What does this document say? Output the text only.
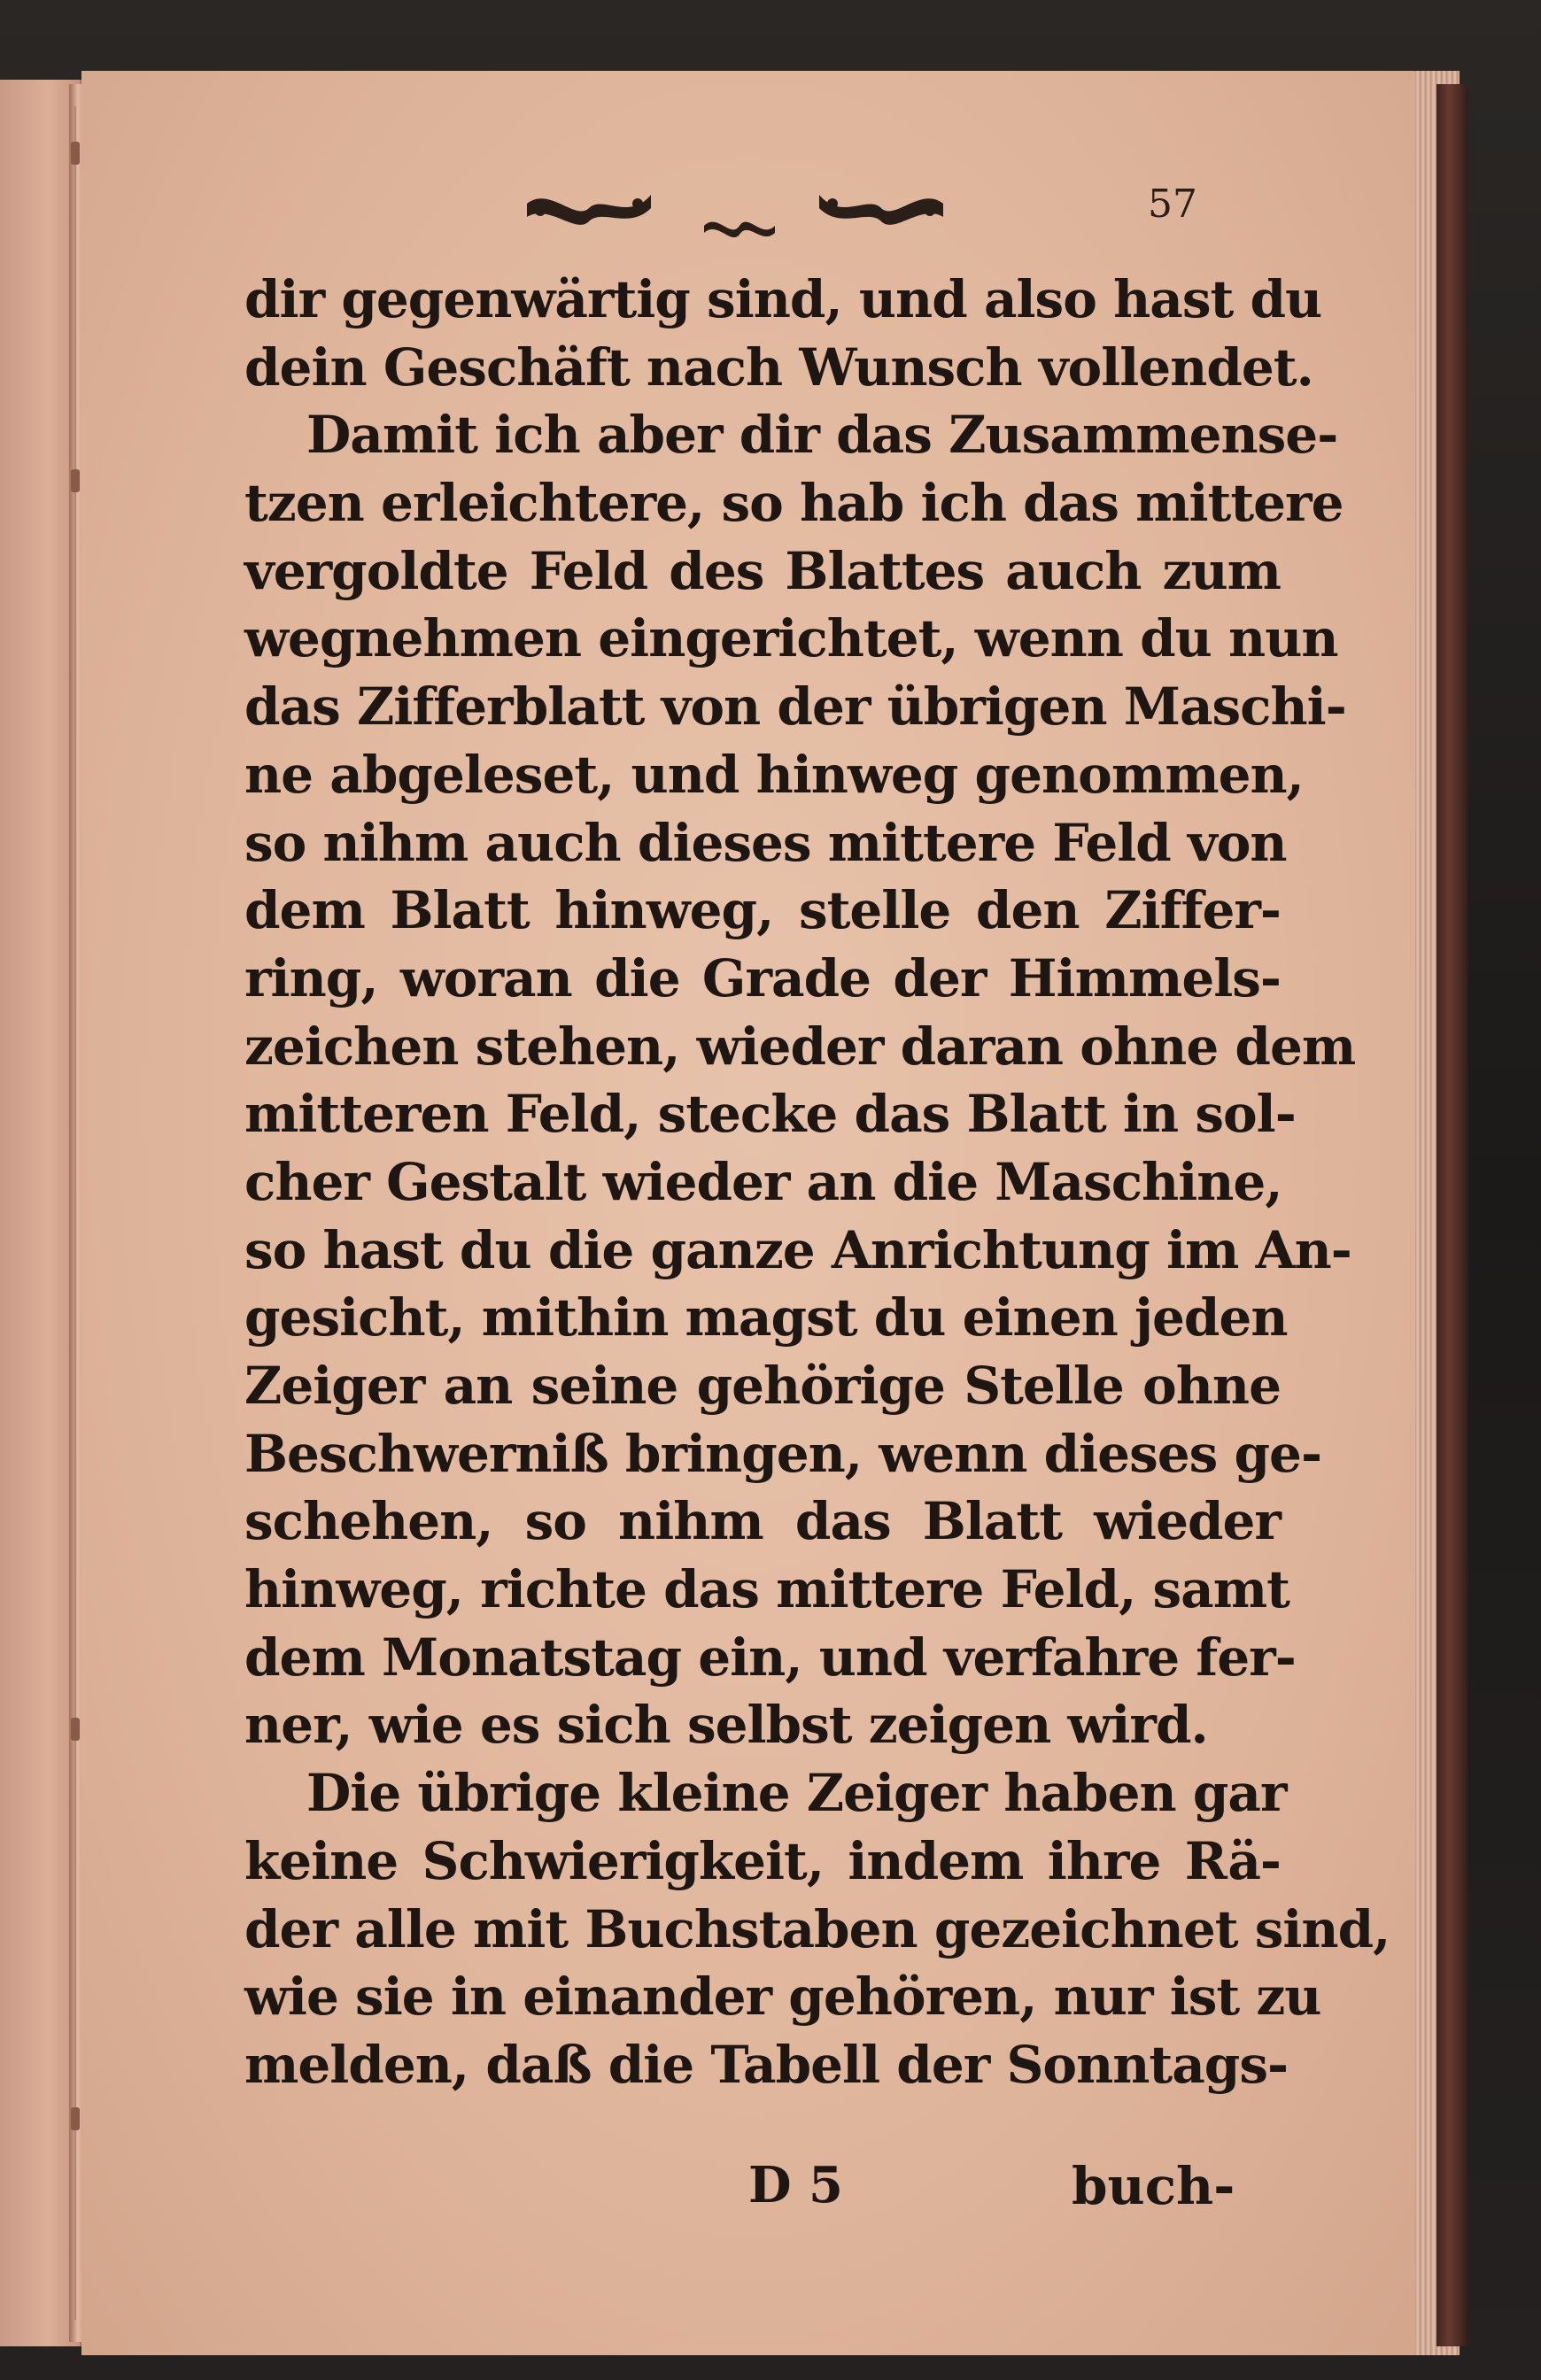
57
dir gegenwärtig sind, und also hast du
dein Geschäft nach Wunsch vollendet.
Damit ich aber dir das Zusammense-
tzen erleichtere, so hab ich das mittere
vergoldte Feld des Blattes auch zum
wegnehmen eingerichtet, wenn du nun
das Zifferblatt von der übrigen Maschi-
ne abgeleset, und hinweg genommen,
so nihm auch dieses mittere Feld von
dem Blatt hinweg, stelle den Ziffer-
ring, woran die Grade der Himmels-
zeichen stehen, wieder daran ohne dem
mitteren Feld, stecke das Blatt in sol-
cher Gestalt wieder an die Maschine,
so hast du die ganze Anrichtung im An-
gesicht, mithin magst du einen jeden
Zeiger an seine gehörige Stelle ohne
Beschwerniß bringen, wenn dieses ge-
schehen, so nihm das Blatt wieder
hinweg, richte das mittere Feld, samt
dem Monatstag ein, und verfahre fer-
ner, wie es sich selbst zeigen wird.
Die übrige kleine Zeiger haben gar
keine Schwierigkeit, indem ihre Rä-
der alle mit Buchstaben gezeichnet sind,
wie sie in einander gehören, nur ist zu
melden, daß die Tabell der Sonntags-
D 5	buch-
